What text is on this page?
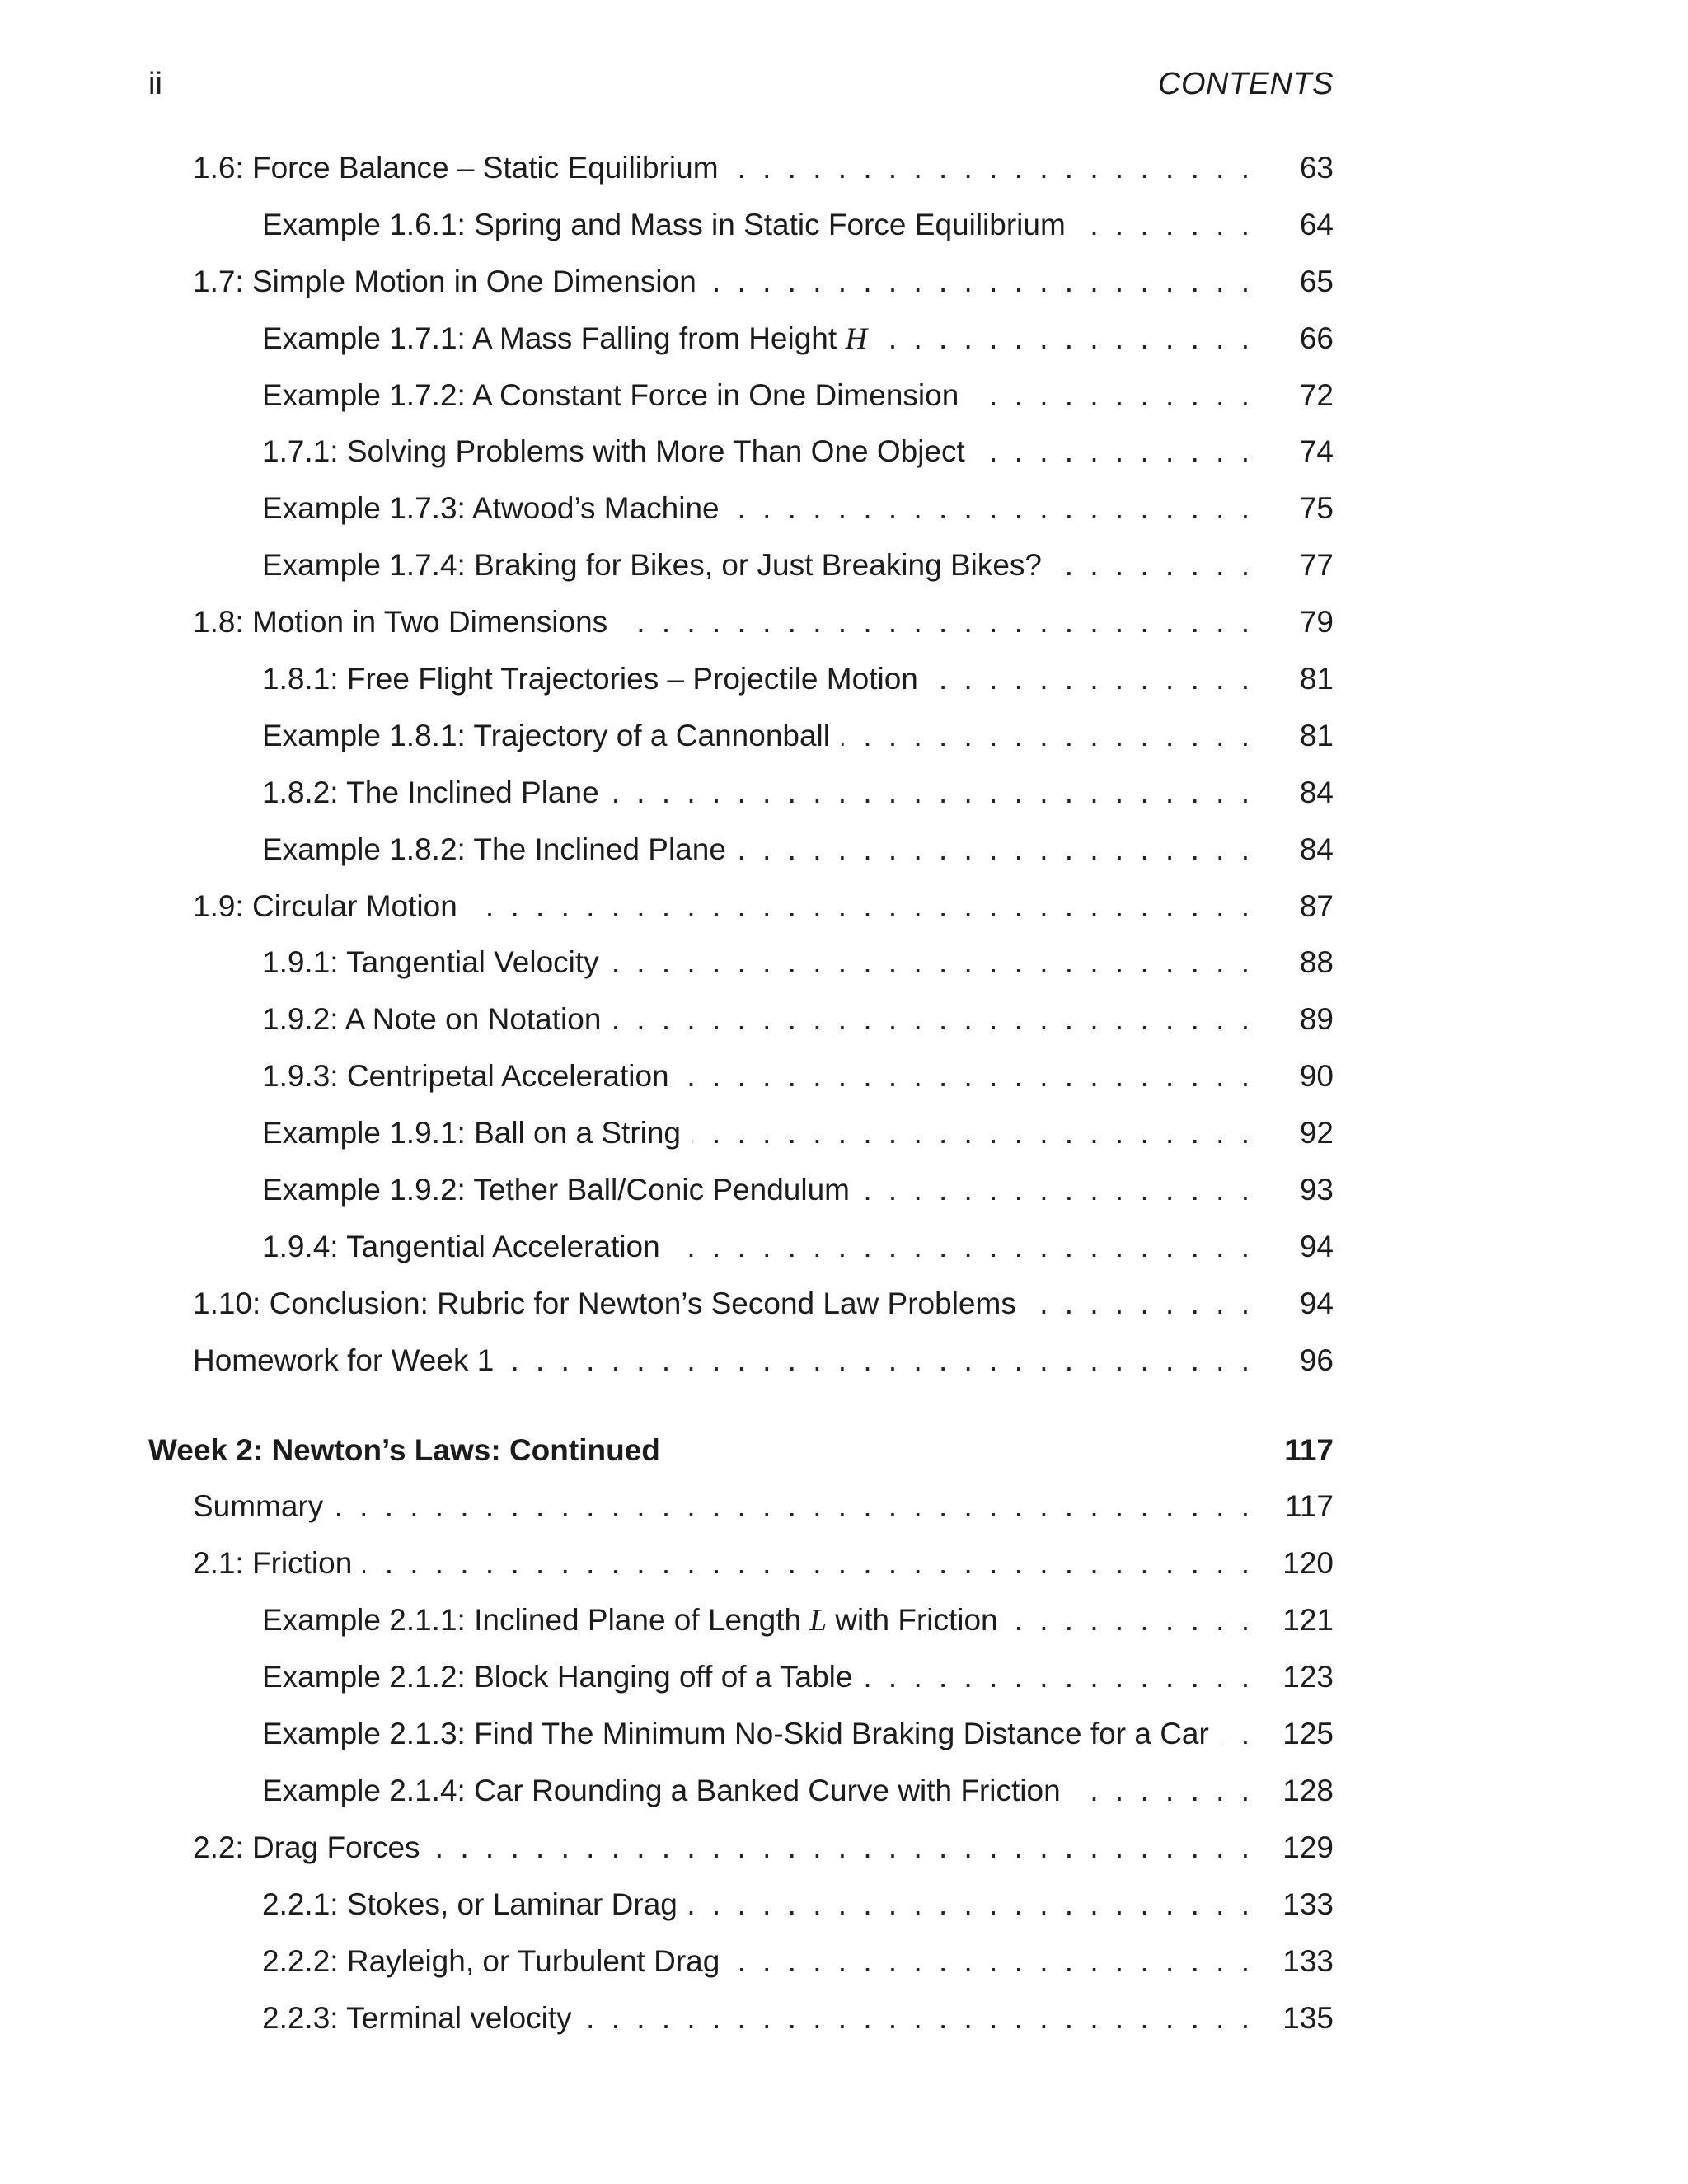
ii	CONTENTS
1.6: Force Balance – Static Equilibrium . . .	63
Example 1.6.1: Spring and Mass in Static Force Equilibrium . . .	64
1.7: Simple Motion in One Dimension . . .	65
Example 1.7.1: A Mass Falling from Height H . . .	66
Example 1.7.2: A Constant Force in One Dimension . . .	72
1.7.1: Solving Problems with More Than One Object . . .	74
Example 1.7.3: Atwood’s Machine . . .	75
Example 1.7.4: Braking for Bikes, or Just Breaking Bikes? . . .	77
1.8: Motion in Two Dimensions . . .	79
1.8.1: Free Flight Trajectories – Projectile Motion . . .	81
Example 1.8.1: Trajectory of a Cannonball . . .	81
1.8.2: The Inclined Plane . . .	84
Example 1.8.2: The Inclined Plane . . .	84
1.9: Circular Motion . . .	87
1.9.1: Tangential Velocity . . .	88
1.9.2: A Note on Notation . . .	89
1.9.3: Centripetal Acceleration . . .	90
Example 1.9.1: Ball on a String . . .	92
Example 1.9.2: Tether Ball/Conic Pendulum . . .	93
1.9.4: Tangential Acceleration . . .	94
1.10: Conclusion: Rubric for Newton’s Second Law Problems . . .	94
Homework for Week 1 . . .	96
Week 2: Newton’s Laws: Continued	117
Summary . . .	117
2.1: Friction . . .	120
Example 2.1.1: Inclined Plane of Length L with Friction . . .	121
Example 2.1.2: Block Hanging off of a Table . . .	123
Example 2.1.3: Find The Minimum No-Skid Braking Distance for a Car . . .	125
Example 2.1.4: Car Rounding a Banked Curve with Friction . . .	128
2.2: Drag Forces . . .	129
2.2.1: Stokes, or Laminar Drag . . .	133
2.2.2: Rayleigh, or Turbulent Drag . . .	133
2.2.3: Terminal velocity . . .	135
